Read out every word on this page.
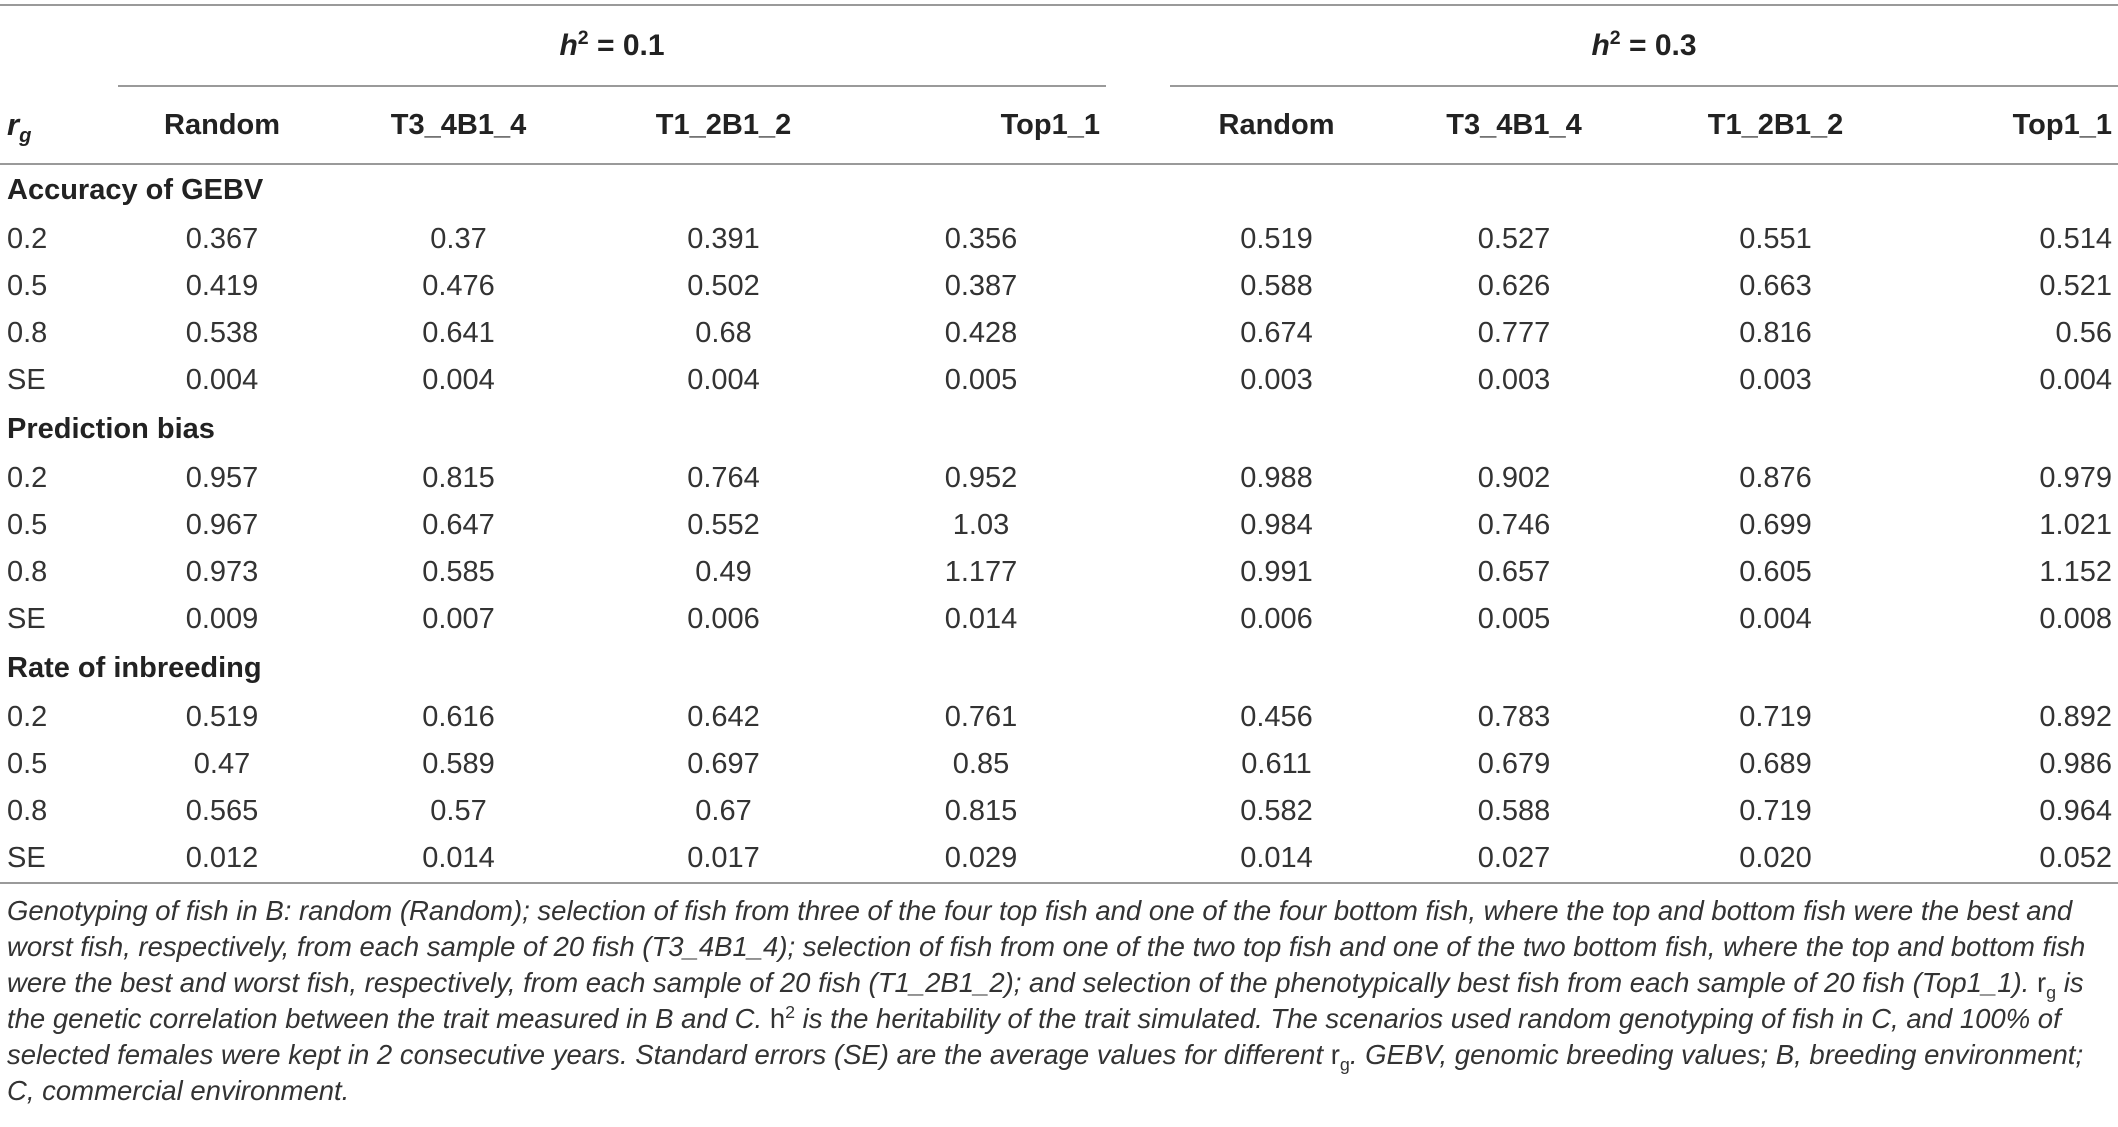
	$h^2 = 0.1$					$h^2 = 0.3$			
$r_g$	Random	T3_4B1_4	T1_2B1_2	Top1_1		Random	T3_4B1_4	T1_2B1_2	Top1_1
Accuracy of GEBV									
0.2	0.367	0.37	0.391	0.356		0.519	0.527	0.551	0.514
0.5	0.419	0.476	0.502	0.387		0.588	0.626	0.663	0.521
0.8	0.538	0.641	0.68	0.428		0.674	0.777	0.816	0.56
SE	0.004	0.004	0.004	0.005		0.003	0.003	0.003	0.004
Prediction bias									
0.2	0.957	0.815	0.764	0.952		0.988	0.902	0.876	0.979
0.5	0.967	0.647	0.552	1.03		0.984	0.746	0.699	1.021
0.8	0.973	0.585	0.49	1.177		0.991	0.657	0.605	1.152
SE	0.009	0.007	0.006	0.014		0.006	0.005	0.004	0.008
Rate of inbreeding									
0.2	0.519	0.616	0.642	0.761		0.456	0.783	0.719	0.892
0.5	0.47	0.589	0.697	0.85		0.611	0.679	0.689	0.986
0.8	0.565	0.57	0.67	0.815		0.582	0.588	0.719	0.964
SE	0.012	0.014	0.017	0.029		0.014	0.027	0.020	0.052
Genotyping of fish in B: random (Random); selection of fish from three of the four top fish and one of the four bottom fish, where the top and bottom fish were the best and worst fish, respectively, from each sample of 20 fish (T3_4B1_4); selection of fish from one of the two top fish and one of the two bottom fish, where the top and bottom fish were the best and worst fish, respectively, from each sample of 20 fish (T1_2B1_2); and selection of the phenotypically best fish from each sample of 20 fish (Top1_1). $r_g$ is the genetic correlation between the trait measured in B and C. $h^2$ is the heritability of the trait simulated. The scenarios used random genotyping of fish in C, and 100% of selected females were kept in 2 consecutive years. Standard errors (SE) are the average values for different $r_g$. GEBV, genomic breeding values; B, breeding environment; C, commercial environment.
